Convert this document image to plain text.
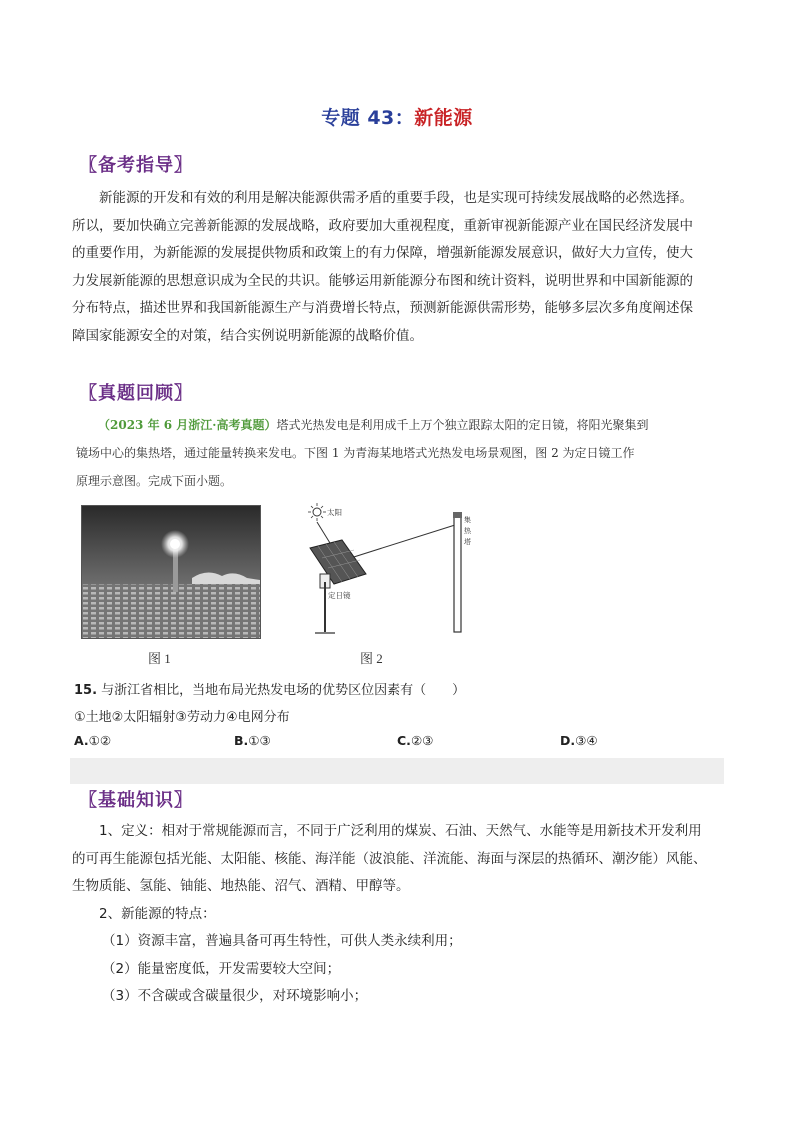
专题 43：新能源
〖备考指导〗
新能源的开发和有效的利用是解决能源供需矛盾的重要手段，也是实现可持续发展战略的必然选择。
所以，要加快确立完善新能源的发展战略，政府要加大重视程度，重新审视新能源产业在国民经济发展中
的重要作用，为新能源的发展提供物质和政策上的有力保障，增强新能源发展意识，做好大力宣传，使大
力发展新能源的思想意识成为全民的共识。能够运用新能源分布图和统计资料，说明世界和中国新能源的
分布特点，描述世界和我国新能源生产与消费增长特点，预测新能源供需形势，能够多层次多角度阐述保
障国家能源安全的对策，结合实例说明新能源的战略价值。
〖真题回顾〗
（2023 年 6 月浙江·高考真题）塔式光热发电是利用成千上万个独立跟踪太阳的定日镜，将阳光聚集到
镜场中心的集热塔，通过能量转换来发电。下图 1 为青海某地塔式光热发电场景观图，图 2 为定日镜工作
原理示意图。完成下面小题。
图 1
太阳
定日镜
集
热
塔
图 2
15. 与浙江省相比，当地布局光热发电场的优势区位因素有（　　）
①土地②太阳辐射③劳动力④电网分布
A.①②	B.①③	C.②③	D.③④
〖基础知识〗
1、定义：相对于常规能源而言，不同于广泛利用的煤炭、石油、天然气、水能等是用新技术开发利用
的可再生能源包括光能、太阳能、核能、海洋能（波浪能、洋流能、海面与深层的热循环、潮汐能）风能、
生物质能、氢能、铀能、地热能、沼气、酒精、甲醇等。
2、新能源的特点：
（1）资源丰富，普遍具备可再生特性，可供人类永续利用；
（2）能量密度低，开发需要较大空间；
（3）不含碳或含碳量很少，对环境影响小；
